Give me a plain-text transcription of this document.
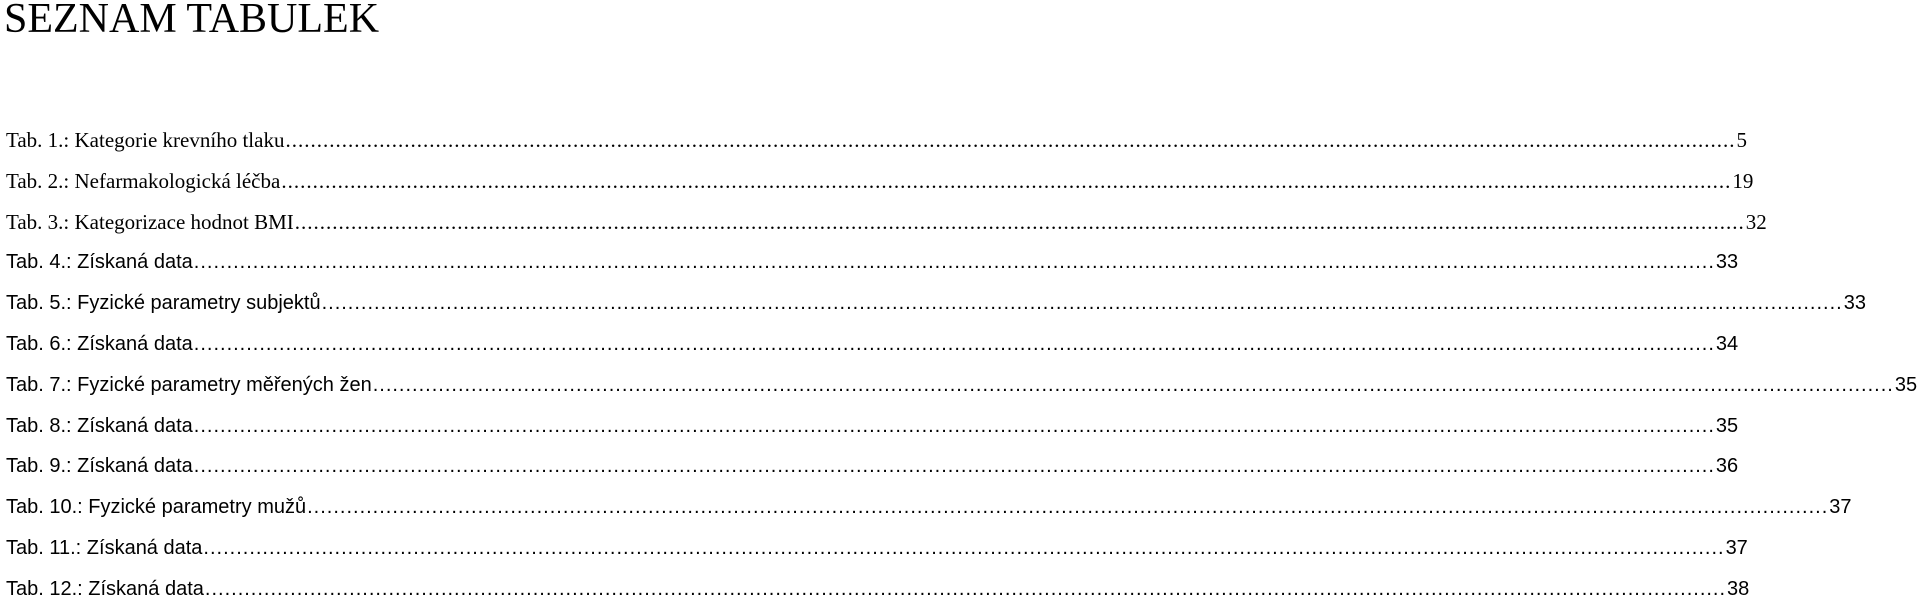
SEZNAM TABULEK
Tab. 1.: Kategorie krevního tlaku .....	5
Tab. 2.: Nefarmakologická léčba .....	19
Tab. 3.: Kategorizace hodnot BMI .....	32
Tab. 4.: Získaná data .....	33
Tab. 5.: Fyzické parametry subjektů .....	33
Tab. 6.: Získaná data .....	34
Tab. 7.: Fyzické parametry měřených žen .....	35
Tab. 8.: Získaná data .....	35
Tab. 9.: Získaná data .....	36
Tab. 10.: Fyzické parametry mužů .....	37
Tab. 11.: Získaná data .....	37
Tab. 12.: Získaná data .....	38
